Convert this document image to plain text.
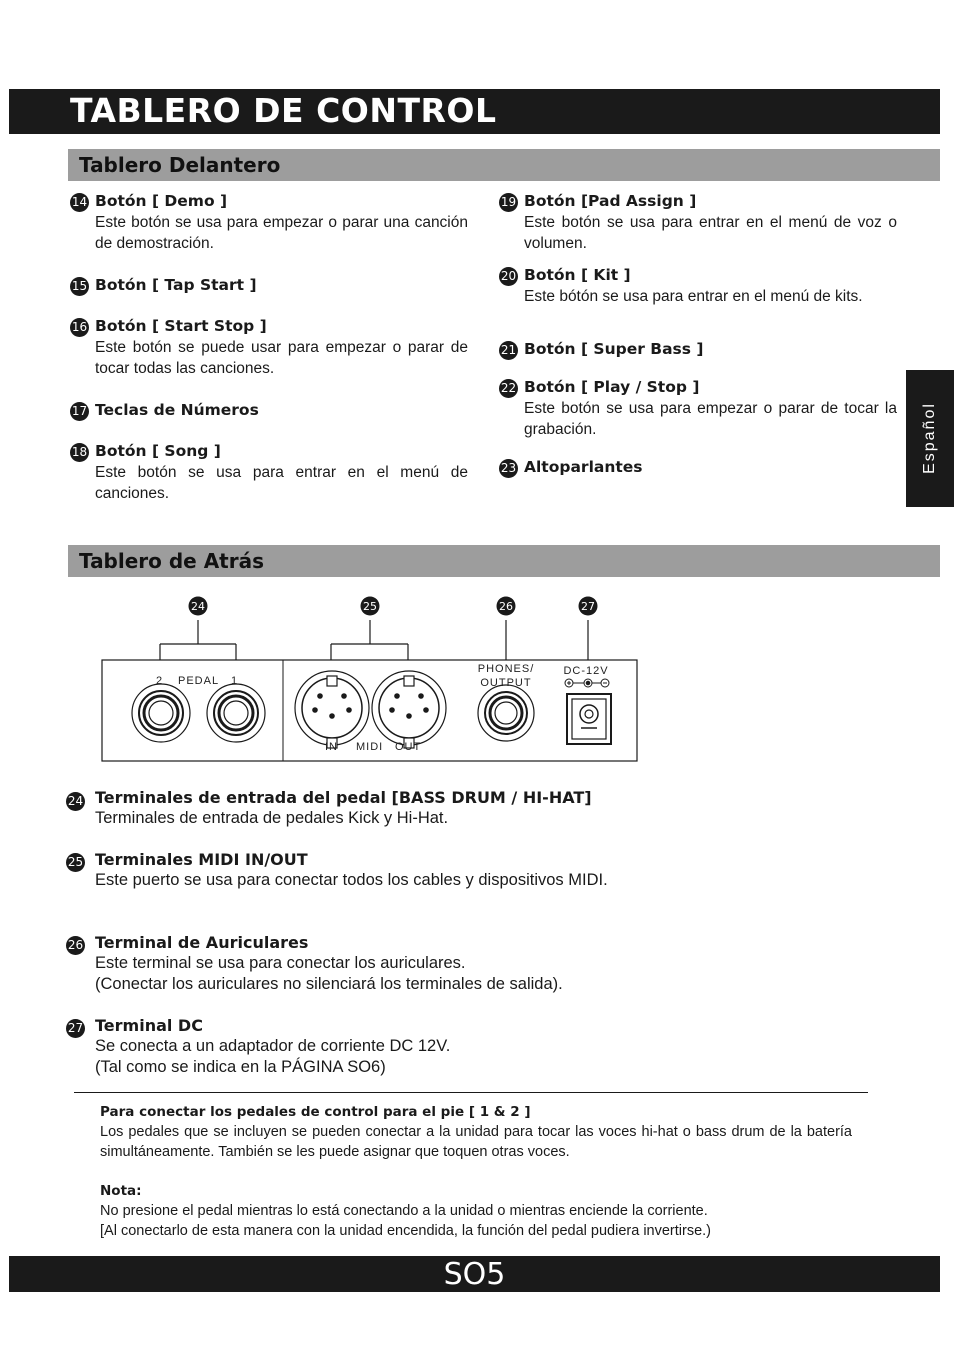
TABLERO DE CONTROL
Tablero Delantero
Español
14 Botón [ Demo ]
Este botón se usa para empezar o parar una canción de demostración.
15 Botón [ Tap Start ]
16 Botón [ Start Stop ]
Este botón se puede usar para empezar o parar de tocar todas las canciones.
17 Teclas de Números
18 Botón [ Song ]
Este botón se usa para entrar en el menú de canciones.
19 Botón [Pad Assign ]
Este botón se usa para entrar en el menú de voz o volumen.
20 Botón [ Kit ]
Este bótón se usa para entrar en el menú de kits.
21 Botón [ Super Bass ]
22 Botón [ Play / Stop ]
Este botón se usa para empezar o parar de tocar la grabación.
23 Altoparlantes
Tablero de Atrás
24	25	26	27
2 PEDAL 1
IN MIDI OUT
PHONES/
OUTPUT
DC-12V
24 Terminales de entrada del pedal [BASS DRUM / HI-HAT]
Terminales de entrada de pedales Kick y Hi-Hat.
25 Terminales MIDI IN/OUT
Este puerto se usa para conectar todos los cables y dispositivos MIDI.
26 Terminal de Auriculares
Este terminal se usa para conectar los auriculares.
(Conectar los auriculares no silenciará los terminales de salida).
27 Terminal DC
Se conecta a un adaptador de corriente DC 12V.
(Tal como se indica en la PÁGINA SO6)
Para conectar los pedales de control para el pie [ 1 & 2 ]
Los pedales que se incluyen se pueden conectar a la unidad para tocar las voces hi-hat o bass drum de la batería simultáneamente. También se les puede asignar que toquen otras voces.
Nota:
No presione el pedal mientras lo está conectando a la unidad o mientras enciende la corriente.
[Al conectarlo de esta manera con la unidad encendida, la función del pedal pudiera invertirse.)
SO5
